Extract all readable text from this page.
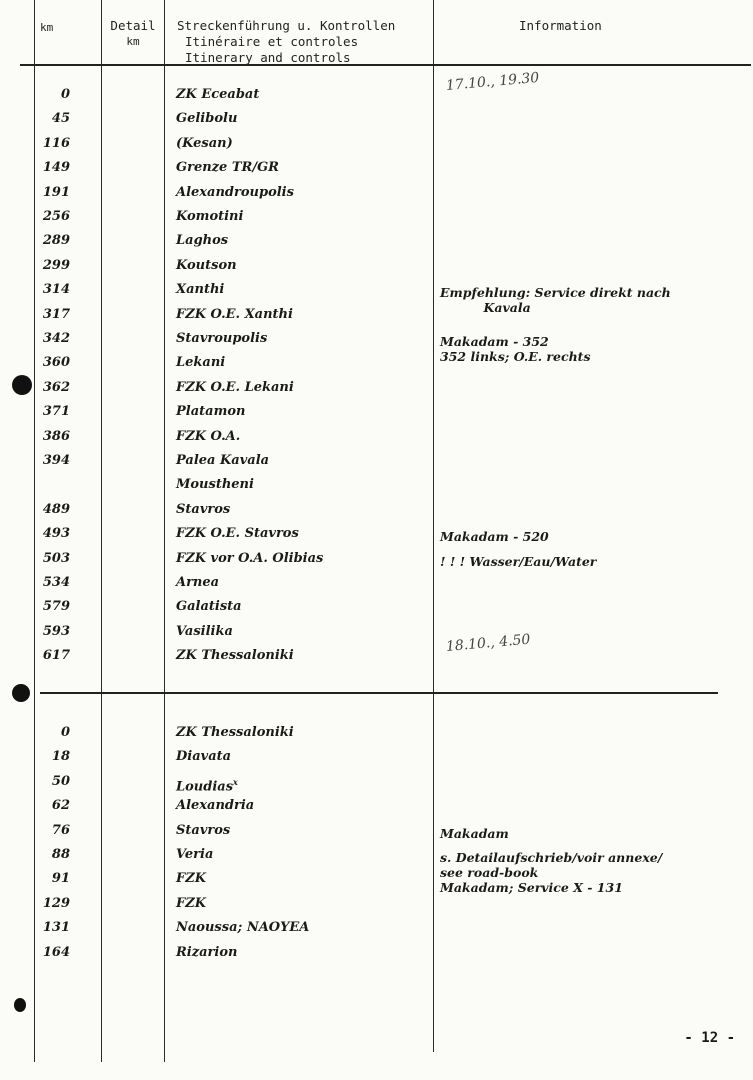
km	Detail
km
Streckenführung u. Kontrollen
Itinéraire et controles
Itinerary and controls
Information
0	ZK Eceabat
17.10., 19.30
45	Gelibolu
116	(Kesan)
149	Grenze TR/GR
191	Alexandroupolis
256	Komotini
289	Laghos
299	Koutson
314	Xanthi	Empfehlung: Service direkt nach
Kavala
317	FZK O.E. Xanthi
342	Stavroupolis	Makadam - 352
352 links; O.E. rechts
360	Lekani
362	FZK O.E. Lekani
371	Platamon
386	FZK O.A.
394	Palea Kavala
Moustheni
489	Stavros
493	FZK O.E. Stavros	Makadam - 520
503	FZK vor O.A. Olibias	! ! ! Wasser/Eau/Water
534	Arnea
579	Galatista
593	Vasilika
617	ZK Thessaloniki
18.10., 4.50
0	ZK Thessaloniki
18	Diavata
50	Loudias$^x$
62	Alexandria
76	Stavros	Makadam
88	Veria	s. Detailaufschrieb/voir annexe/
see road-book
Makadam; Service X - 131
91	FZK
129	FZK
131	Naoussa; NAOYEA
164	Rizarion
- 12 -
